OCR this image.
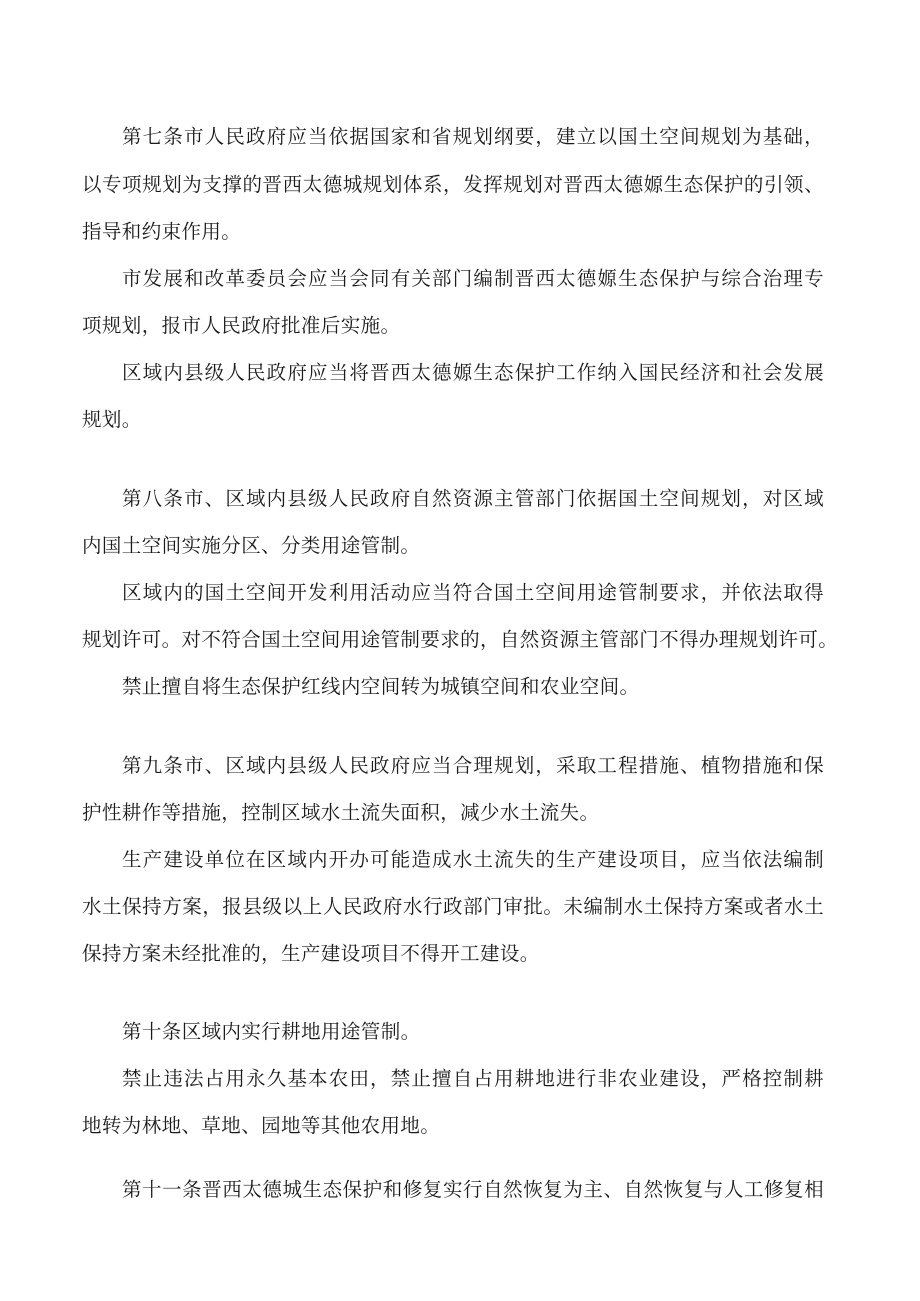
第七条市人民政府应当依据国家和省规划纲要，建立以国土空间规划为基础，
以专项规划为支撑的晋西太德城规划体系，发挥规划对晋西太德嫄生态保护的引领、
指导和约束作用。
市发展和改革委员会应当会同有关部门编制晋西太德嫄生态保护与综合治理专
项规划，报市人民政府批准后实施。
区域内县级人民政府应当将晋西太德嫄生态保护工作纳入国民经济和社会发展
规划。
第八条市、区域内县级人民政府自然资源主管部门依据国土空间规划，对区域
内国土空间实施分区、分类用途管制。
区域内的国土空间开发利用活动应当符合国土空间用途管制要求，并依法取得
规划许可。对不符合国土空间用途管制要求的，自然资源主管部门不得办理规划许可。
禁止擅自将生态保护红线内空间转为城镇空间和农业空间。
第九条市、区域内县级人民政府应当合理规划，采取工程措施、植物措施和保
护性耕作等措施，控制区域水土流失面积，减少水土流失。
生产建设单位在区域内开办可能造成水土流失的生产建设项目，应当依法编制
水土保持方案，报县级以上人民政府水行政部门审批。未编制水土保持方案或者水土
保持方案未经批准的，生产建设项目不得开工建设。
第十条区域内实行耕地用途管制。
禁止违法占用永久基本农田，禁止擅自占用耕地进行非农业建设，严格控制耕
地转为林地、草地、园地等其他农用地。
第十一条晋西太德城生态保护和修复实行自然恢复为主、自然恢复与人工修复相
